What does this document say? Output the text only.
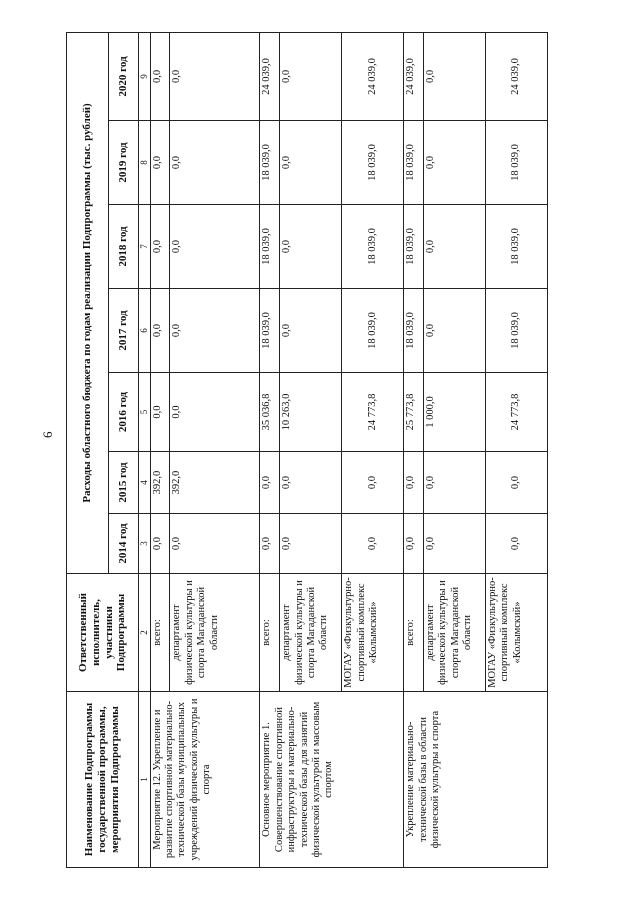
6
Наименование Подпрограммы государственной программы, мероприятия Подпрограммы	Ответственный исполнитель, участники Подпрограммы	Расходы областного бюджета по годам реализации Подпрограммы (тыс. рублей)						
		2014 год	2015 год	2016 год	2017 год	2018 год	2019 год	2020 год
1	2	3	4	5	6	7	8	9
Мероприятие 12. Укрепление и развитие спортивной материально-технической базы муниципальных учреждений физической культуры и спорта	всего:	0,0	392,0	0,0	0,0	0,0	0,0	0,0
	департамент физической культуры и спорта Магаданской области	0,0	392,0	0,0	0,0	0,0	0,0	0,0
Основное мероприятие 1. Совершенствование спортивной инфраструктуры и материально-технической базы для занятий физической культурой и массовым спортом	всего:	0,0	0,0	35 036,8	18 039,0	18 039,0	18 039,0	24 039,0
	департамент физической культуры и спорта Магаданской области	0,0	0,0	10 263,0	0,0	0,0	0,0	0,0
	МОГАУ «Физкультурно-спортивный комплекс «Колымский»	0,0	0,0	24 773,8	18 039,0	18 039,0	18 039,0	24 039,0
Укрепление материально-технической базы в области физической культуры и спорта	всего:	0,0	0,0	25 773,8	18 039,0	18 039,0	18 039,0	24 039,0
	департамент физической культуры и спорта Магаданской области	0,0	0,0	1 000,0	0,0	0,0	0,0	0,0
	МОГАУ «Физкультурно-спортивный комплекс «Колымский»	0,0	0,0	24 773,8	18 039,0	18 039,0	18 039,0	24 039,0
